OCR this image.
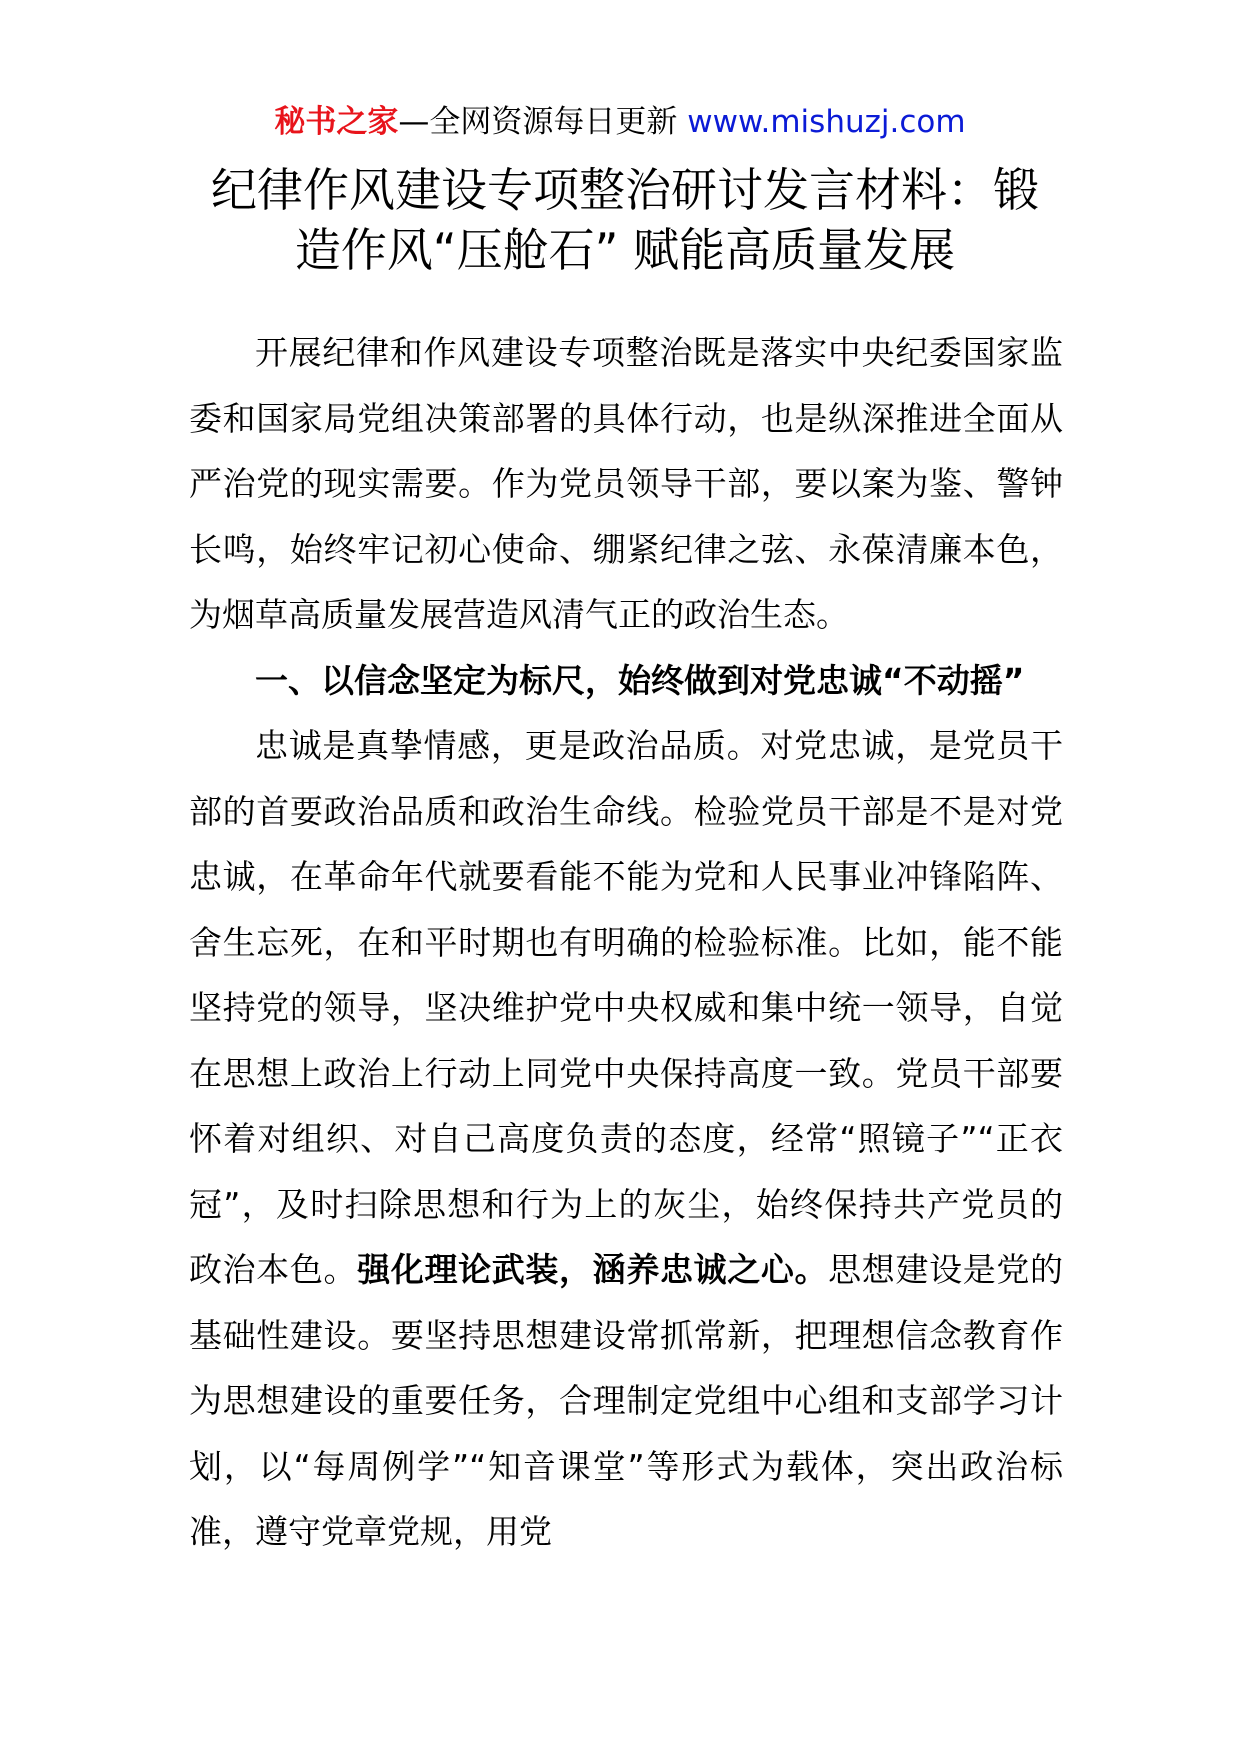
秘书之家—全网资源每日更新 www.mishuzj.com
纪律作风建设专项整治研讨发言材料：锻
造作风“压舱石” 赋能高质量发展

开展纪律和作风建设专项整治既是落实中央纪委国家监委和国家局党组决策部署的具体行动，也是纵深推进全面从严治党的现实需要。作为党员领导干部，要以案为鉴、警钟长鸣，始终牢记初心使命、绷紧纪律之弦、永葆清廉本色，为烟草高质量发展营造风清气正的政治生态。

一、以信念坚定为标尺，始终做到对党忠诚“不动摇”

忠诚是真挚情感，更是政治品质。对党忠诚，是党员干部的首要政治品质和政治生命线。检验党员干部是不是对党忠诚，在革命年代就要看能不能为党和人民事业冲锋陷阵、舍生忘死，在和平时期也有明确的检验标准。比如，能不能坚持党的领导，坚决维护党中央权威和集中统一领导，自觉在思想上政治上行动上同党中央保持高度一致。党员干部要怀着对组织、对自己高度负责的态度，经常“照镜子”“正衣冠”，及时扫除思想和行为上的灰尘，始终保持共产党员的政治本色。强化理论武装，涵养忠诚之心。思想建设是党的基础性建设。要坚持思想建设常抓常新，把理想信念教育作为思想建设的重要任务，合理制定党组中心组和支部学习计划，以“每周例学”“知音课堂”等形式为载体，突出政治标准，遵守党章党规，用党
